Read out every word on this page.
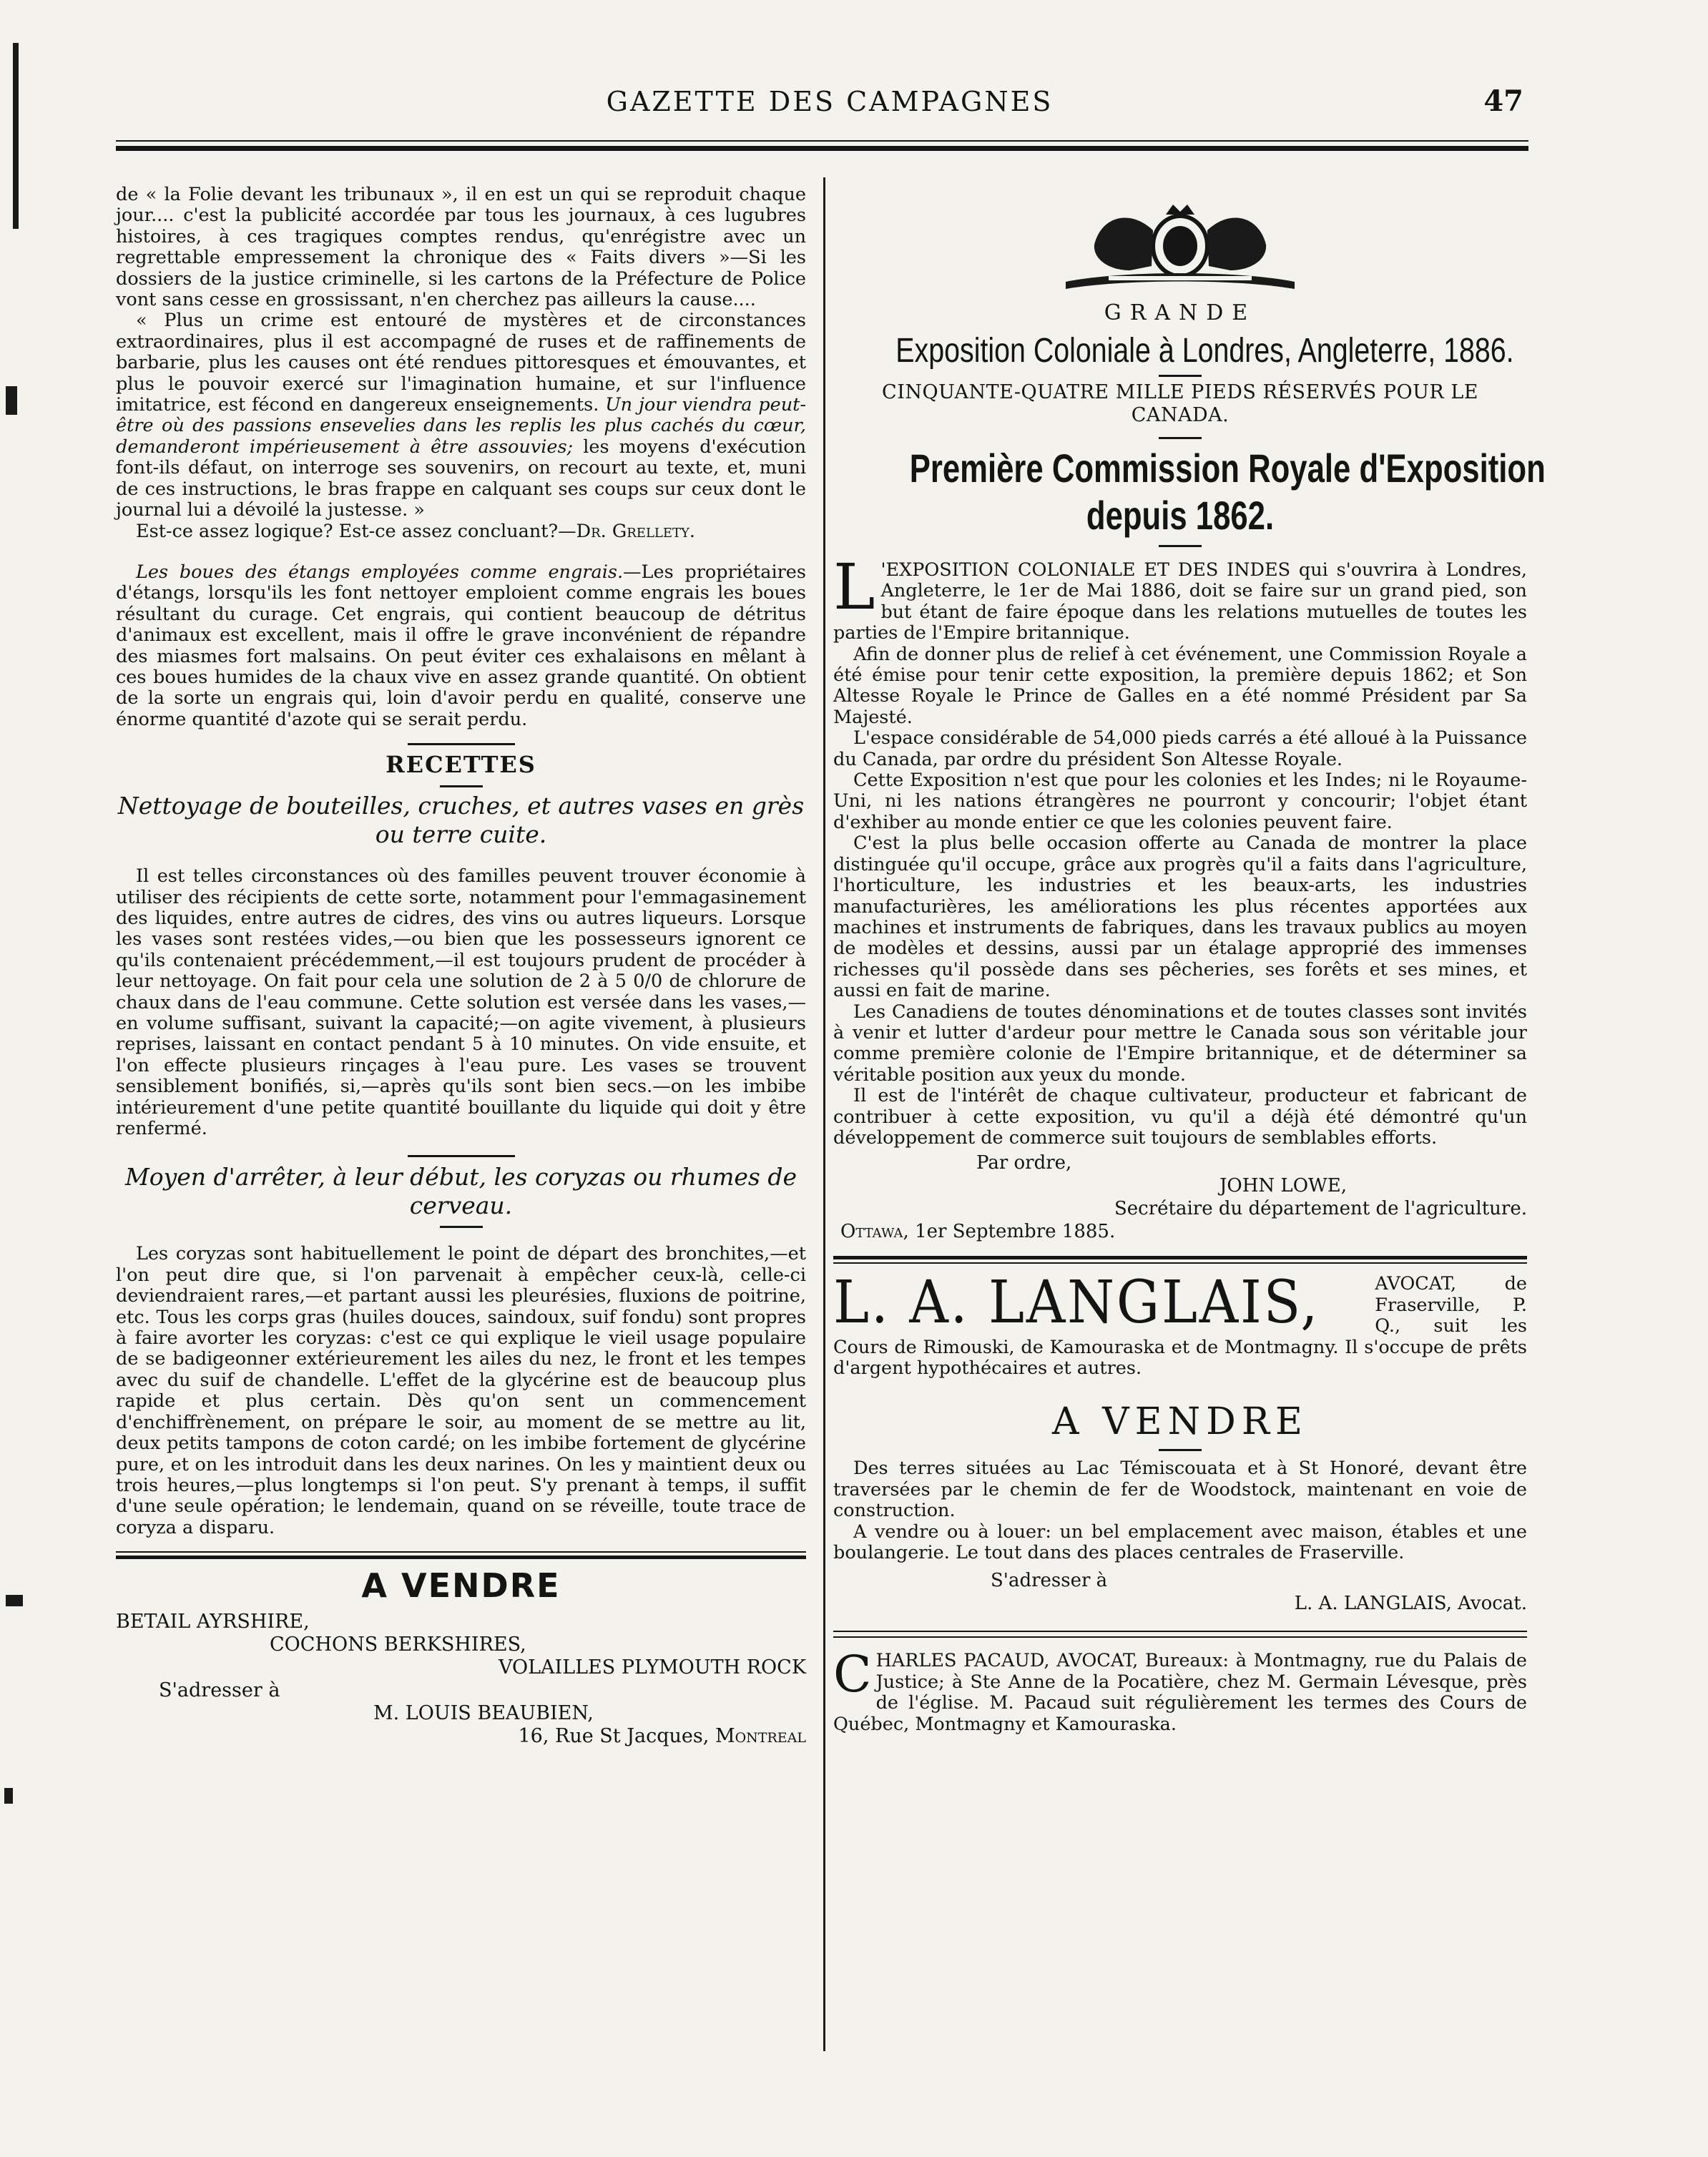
GAZETTE DES CAMPAGNES	47

de « la Folie devant les tribunaux », il en est un qui se reproduit chaque jour.... c'est la publicité accordée par tous les journaux, à ces lugubres histoires, à ces tragiques comptes rendus, qu'enrégistre avec un regrettable empressement la chronique des « Faits divers »—Si les dossiers de la justice criminelle, si les cartons de la Préfecture de Police vont sans cesse en grossissant, n'en cherchez pas ailleurs la cause....

« Plus un crime est entouré de mystères et de circonstances extraordinaires, plus il est accompagné de ruses et de raffinements de barbarie, plus les causes ont été rendues pittoresques et émouvantes, et plus le pouvoir exercé sur l'imagination humaine, et sur l'influence imitatrice, est fécond en dangereux enseignements. Un jour viendra peut-être où des passions ensevelies dans les replis les plus cachés du cœur, demanderont impérieusement à être assouvies; les moyens d'exécution font-ils défaut, on interroge ses souvenirs, on recourt au texte, et, muni de ces instructions, le bras frappe en calquant ses coups sur ceux dont le journal lui a dévoilé la justesse. »

Est-ce assez logique? Est-ce assez concluant?—Dr. Grellety.

Les boues des étangs employées comme engrais.—Les propriétaires d'étangs, lorsqu'ils les font nettoyer emploient comme engrais les boues résultant du curage. Cet engrais, qui contient beaucoup de détritus d'animaux est excellent, mais il offre le grave inconvénient de répandre des miasmes fort malsains. On peut éviter ces exhalaisons en mêlant à ces boues humides de la chaux vive en assez grande quantité. On obtient de la sorte un engrais qui, loin d'avoir perdu en qualité, conserve une énorme quantité d'azote qui se serait perdu.

RECETTES
Nettoyage de bouteilles, cruches, et autres vases en grès ou terre cuite.

Il est telles circonstances où des familles peuvent trouver économie à utiliser des récipients de cette sorte, notamment pour l'emmagasinement des liquides, entre autres de cidres, des vins ou autres liqueurs. Lorsque les vases sont restées vides,—ou bien que les possesseurs ignorent ce qu'ils contenaient précédemment,—il est toujours prudent de procéder à leur nettoyage. On fait pour cela une solution de 2 à 5 0/0 de chlorure de chaux dans de l'eau commune. Cette solution est versée dans les vases,—en volume suffisant, suivant la capacité;—on agite vivement, à plusieurs reprises, laissant en contact pendant 5 à 10 minutes. On vide ensuite, et l'on effecte plusieurs rinçages à l'eau pure. Les vases se trouvent sensiblement bonifiés, si,—après qu'ils sont bien secs.—on les imbibe intérieurement d'une petite quantité bouillante du liquide qui doit y être renfermé.

Moyen d'arrêter, à leur début, les coryzas ou rhumes de cerveau.

Les coryzas sont habituellement le point de départ des bronchites,—et l'on peut dire que, si l'on parvenait à empêcher ceux-là, celle-ci deviendraient rares,—et partant aussi les pleurésies, fluxions de poitrine, etc. Tous les corps gras (huiles douces, saindoux, suif fondu) sont propres à faire avorter les coryzas: c'est ce qui explique le vieil usage populaire de se badigeonner extérieurement les ailes du nez, le front et les tempes avec du suif de chandelle. L'effet de la glycérine est de beaucoup plus rapide et plus certain. Dès qu'on sent un commencement d'enchiffrènement, on prépare le soir, au moment de se mettre au lit, deux petits tampons de coton cardé; on les imbibe fortement de glycérine pure, et on les introduit dans les deux narines. On les y maintient deux ou trois heures,—plus longtemps si l'on peut. S'y prenant à temps, il suffit d'une seule opération; le lendemain, quand on se réveille, toute trace de coryza a disparu.

A VENDRE
BETAIL AYRSHIRE,
COCHONS BERKSHIRES,
VOLAILLES PLYMOUTH ROCK
S'adresser à
M. LOUIS BEAUBIEN,
16, Rue St Jacques, Montreal
GRANDE
Exposition Coloniale à Londres, Angleterre, 1886.
CINQUANTE-QUATRE MILLE PIEDS RÉSERVÉS POUR LE CANADA.
Première Commission Royale d'Exposition
depuis 1862.

L 'EXPOSITION COLONIALE ET DES INDES qui s'ouvrira à Londres, Angleterre, le 1er de Mai 1886, doit se faire sur un grand pied, son but étant de faire époque dans les relations mutuelles de toutes les parties de l'Empire britannique.

Afin de donner plus de relief à cet événement, une Commission Royale a été émise pour tenir cette exposition, la première depuis 1862; et Son Altesse Royale le Prince de Galles en a été nommé Président par Sa Majesté.

L'espace considérable de 54,000 pieds carrés a été alloué à la Puissance du Canada, par ordre du président Son Altesse Royale.

Cette Exposition n'est que pour les colonies et les Indes; ni le Royaume-Uni, ni les nations étrangères ne pourront y concourir; l'objet étant d'exhiber au monde entier ce que les colonies peuvent faire.

C'est la plus belle occasion offerte au Canada de montrer la place distinguée qu'il occupe, grâce aux progrès qu'il a faits dans l'agriculture, l'horticulture, les industries et les beaux-arts, les industries manufacturières, les améliorations les plus récentes apportées aux machines et instruments de fabriques, dans les travaux publics au moyen de modèles et dessins, aussi par un étalage approprié des immenses richesses qu'il possède dans ses pêcheries, ses forêts et ses mines, et aussi en fait de marine.

Les Canadiens de toutes dénominations et de toutes classes sont invités à venir et lutter d'ardeur pour mettre le Canada sous son véritable jour comme première colonie de l'Empire britannique, et de déterminer sa véritable position aux yeux du monde.

Il est de l'intérêt de chaque cultivateur, producteur et fabricant de contribuer à cette exposition, vu qu'il a déjà été démontré qu'un développement de commerce suit toujours de semblables efforts.

Par ordre,
JOHN LOWE,
Secrétaire du département de l'agriculture.
Ottawa, 1er Septembre 1885.
L. A. LANGLAIS,	AVOCAT, de Fraserville, P. Q., suit les Cours de Rimouski, de Kamouraska et de Montmagny. Il s'occupe de prêts d'argent hypothécaires et autres.

A VENDRE

Des terres situées au Lac Témiscouata et à St Honoré, devant être traversées par le chemin de fer de Woodstock, maintenant en voie de construction.

A vendre ou à louer: un bel emplacement avec maison, étables et une boulangerie. Le tout dans des places centrales de Fraserville.

S'adresser à
L. A. LANGLAIS, Avocat.

CHARLES PACAUD, AVOCAT, Bureaux: à Montmagny, rue du Palais de Justice; à Ste Anne de la Pocatière, chez M. Germain Lévesque, près de l'église. M. Pacaud suit régulièrement les termes des Cours de Québec, Montmagny et Kamouraska.
